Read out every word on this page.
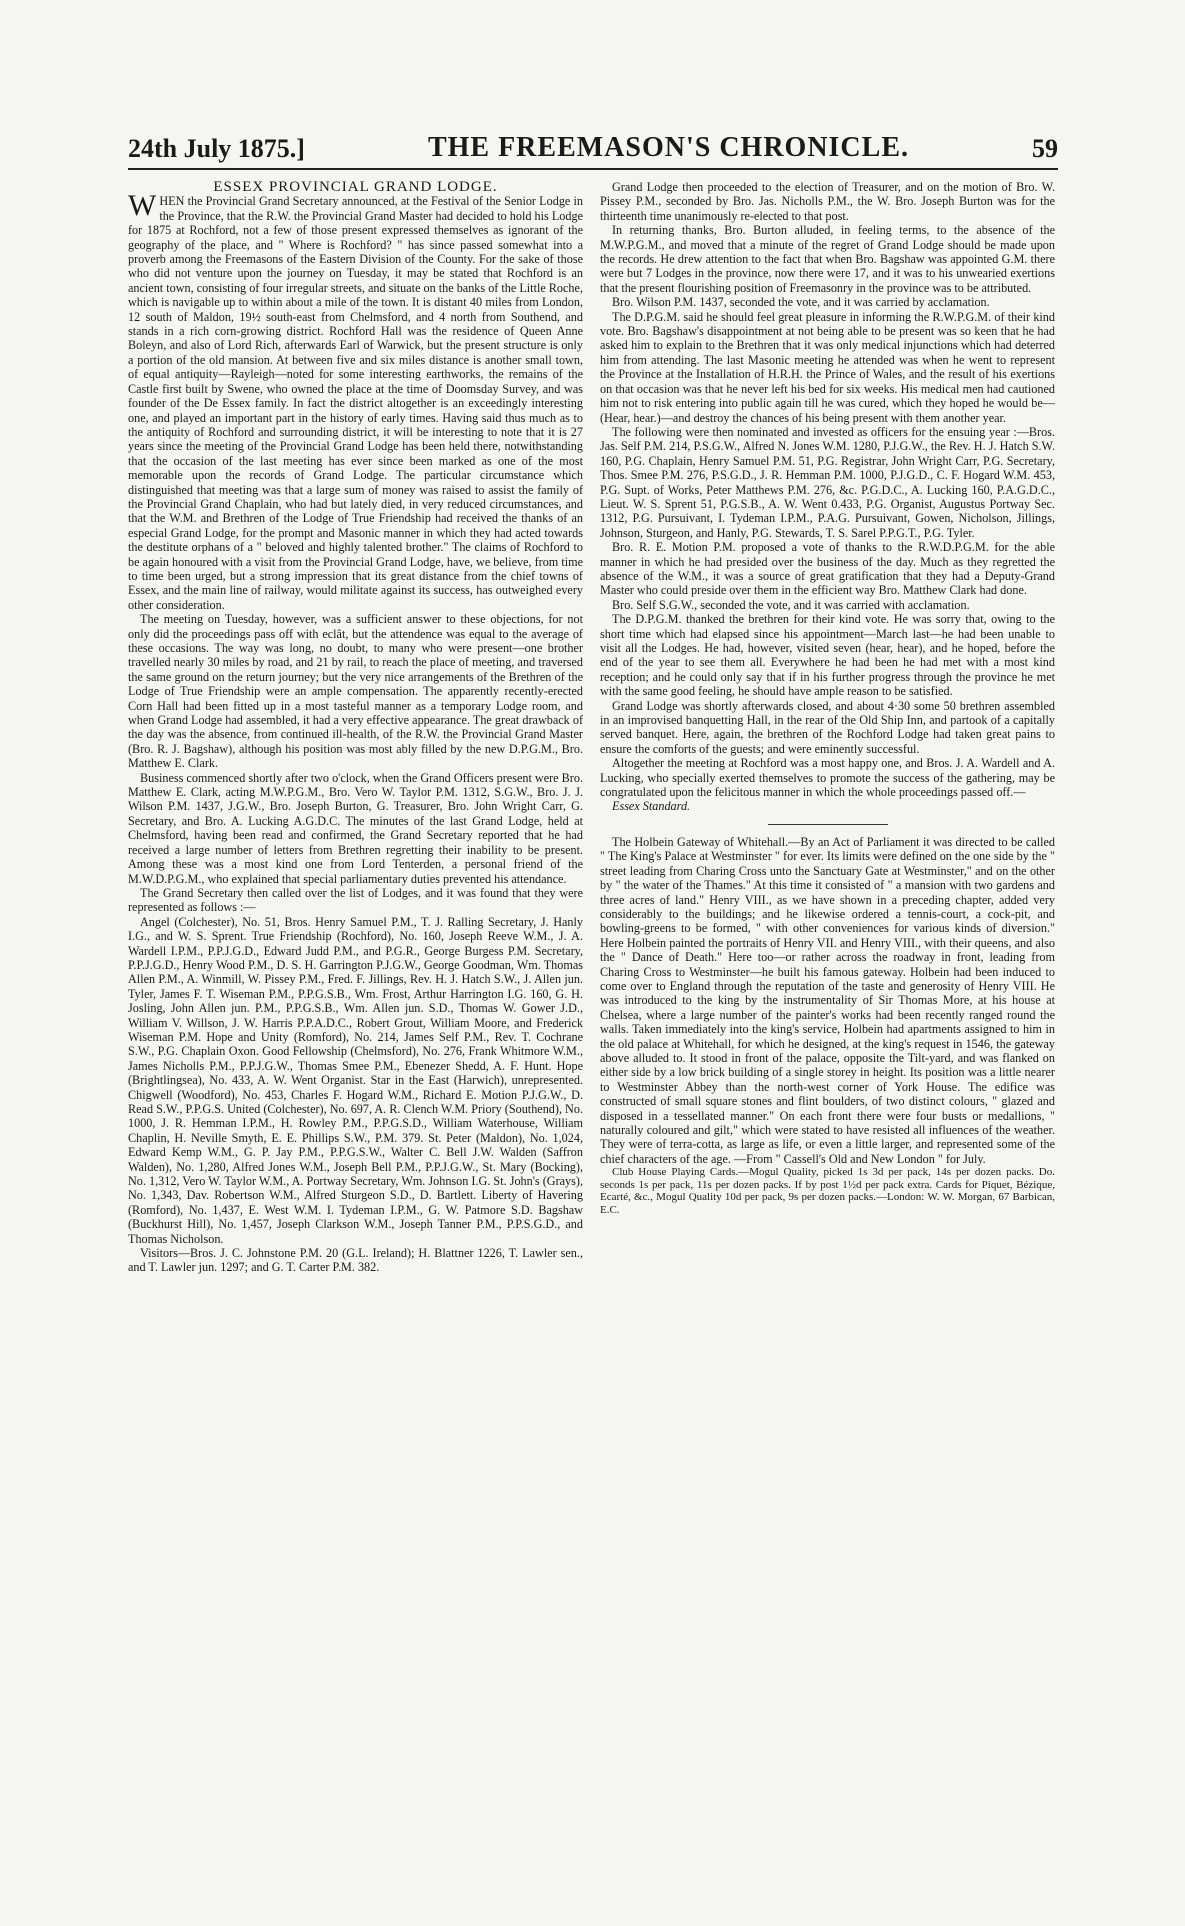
24th July 1875.]	THE FREEMASON'S CHRONICLE.	59

ESSEX PROVINCIAL GRAND LODGE.

WHEN the Provincial Grand Secretary announced, at the Festival of the Senior Lodge in the Province, that the R.W. the Provincial Grand Master had decided to hold his Lodge for 1875 at Rochford, not a few of those present expressed themselves as ignorant of the geography of the place, and " Where is Rochford? " has since passed somewhat into a proverb among the Freemasons of the Eastern Division of the County. For the sake of those who did not venture upon the journey on Tuesday, it may be stated that Rochford is an ancient town, consisting of four irregular streets, and situate on the banks of the Little Roche, which is navigable up to within about a mile of the town. It is distant 40 miles from London, 12 south of Maldon, 19½ south-east from Chelmsford, and 4 north from Southend, and stands in a rich corn-growing district. Rochford Hall was the residence of Queen Anne Boleyn, and also of Lord Rich, afterwards Earl of Warwick, but the present structure is only a portion of the old mansion. At between five and six miles distance is another small town, of equal antiquity—Rayleigh—noted for some interesting earthworks, the remains of the Castle first built by Swene, who owned the place at the time of Doomsday Survey, and was founder of the De Essex family. In fact the district altogether is an exceedingly interesting one, and played an important part in the history of early times. Having said thus much as to the antiquity of Rochford and surrounding district, it will be interesting to note that it is 27 years since the meeting of the Provincial Grand Lodge has been held there, notwithstanding that the occasion of the last meeting has ever since been marked as one of the most memorable upon the records of Grand Lodge. The particular circumstance which distinguished that meeting was that a large sum of money was raised to assist the family of the Provincial Grand Chaplain, who had but lately died, in very reduced circumstances, and that the W.M. and Brethren of the Lodge of True Friendship had received the thanks of an especial Grand Lodge, for the prompt and Masonic manner in which they had acted towards the destitute orphans of a " beloved and highly talented brother." The claims of Rochford to be again honoured with a visit from the Provincial Grand Lodge, have, we believe, from time to time been urged, but a strong impression that its great distance from the chief towns of Essex, and the main line of railway, would militate against its success, has outweighed every other consideration.

The meeting on Tuesday, however, was a sufficient answer to these objections, for not only did the proceedings pass off with eclât, but the attendence was equal to the average of these occasions. The way was long, no doubt, to many who were present—one brother travelled nearly 30 miles by road, and 21 by rail, to reach the place of meeting, and traversed the same ground on the return journey; but the very nice arrangements of the Brethren of the Lodge of True Friendship were an ample compensation. The apparently recently-erected Corn Hall had been fitted up in a most tasteful manner as a temporary Lodge room, and when Grand Lodge had assembled, it had a very effective appearance. The great drawback of the day was the absence, from continued ill-health, of the R.W. the Provincial Grand Master (Bro. R. J. Bagshaw), although his position was most ably filled by the new D.P.G.M., Bro. Matthew E. Clark.

Business commenced shortly after two o'clock, when the Grand Officers present were Bro. Matthew E. Clark, acting M.W.P.G.M., Bro. Vero W. Taylor P.M. 1312, S.G.W., Bro. J. J. Wilson P.M. 1437, J.G.W., Bro. Joseph Burton, G. Treasurer, Bro. John Wright Carr, G. Secretary, and Bro. A. Lucking A.G.D.C. The minutes of the last Grand Lodge, held at Chelmsford, having been read and confirmed, the Grand Secretary reported that he had received a large number of letters from Brethren regretting their inability to be present. Among these was a most kind one from Lord Tenterden, a personal friend of the M.W.D.P.G.M., who explained that special parliamentary duties prevented his attendance.

The Grand Secretary then called over the list of Lodges, and it was found that they were represented as follows :—

Angel (Colchester), No. 51, Bros. Henry Samuel P.M., T. J. Ralling Secretary, J. Hanly I.G., and W. S. Sprent. True Friendship (Rochford), No. 160, Joseph Reeve W.M., J. A. Wardell I.P.M., P.P.J.G.D., Edward Judd P.M., and P.G.R., George Burgess P.M. Secretary, P.P.J.G.D., Henry Wood P.M., D. S. H. Garrington P.J.G.W., George Goodman, Wm. Thomas Allen P.M., A. Winmill, W. Pissey P.M., Fred. F. Jillings, Rev. H. J. Hatch S.W., J. Allen jun. Tyler, James F. T. Wiseman P.M., P.P.G.S.B., Wm. Frost, Arthur Harrington I.G. 160, G. H. Josling, John Allen jun. P.M., P.P.G.S.B., Wm. Allen jun. S.D., Thomas W. Gower J.D., William V. Willson, J. W. Harris P.P.A.D.C., Robert Grout, William Moore, and Frederick Wiseman P.M. Hope and Unity (Romford), No. 214, James Self P.M., Rev. T. Cochrane S.W., P.G. Chaplain Oxon. Good Fellowship (Chelmsford), No. 276, Frank Whitmore W.M., James Nicholls P.M., P.P.J.G.W., Thomas Smee P.M., Ebenezer Shedd, A. F. Hunt. Hope (Brightlingsea), No. 433, A. W. Went Organist. Star in the East (Harwich), unrepresented. Chigwell (Woodford), No. 453, Charles F. Hogard W.M., Richard E. Motion P.J.G.W., D. Read S.W., P.P.G.S. United (Colchester), No. 697, A. R. Clench W.M. Priory (Southend), No. 1000, J. R. Hemman I.P.M., H. Rowley P.M., P.P.G.S.D., William Waterhouse, William Chaplin, H. Neville Smyth, E. E. Phillips S.W., P.M. 379. St. Peter (Maldon), No. 1,024, Edward Kemp W.M., G. P. Jay P.M., P.P.G.S.W., Walter C. Bell J.W. Walden (Saffron Walden), No. 1,280, Alfred Jones W.M., Joseph Bell P.M., P.P.J.G.W., St. Mary (Bocking), No. 1,312, Vero W. Taylor W.M., A. Portway Secretary, Wm. Johnson I.G. St. John's (Grays), No. 1,343, Dav. Robertson W.M., Alfred Sturgeon S.D., D. Bartlett. Liberty of Havering (Romford), No. 1,437, E. West W.M. I. Tydeman I.P.M., G. W. Patmore S.D. Bagshaw (Buckhurst Hill), No. 1,457, Joseph Clarkson W.M., Joseph Tanner P.M., P.P.S.G.D., and Thomas Nicholson.

Visitors—Bros. J. C. Johnstone P.M. 20 (G.L. Ireland); H. Blattner 1226, T. Lawler sen., and T. Lawler jun. 1297; and G. T. Carter P.M. 382.

Grand Lodge then proceeded to the election of Treasurer, and on the motion of Bro. W. Pissey P.M., seconded by Bro. Jas. Nicholls P.M., the W. Bro. Joseph Burton was for the thirteenth time unanimously re-elected to that post.

In returning thanks, Bro. Burton alluded, in feeling terms, to the absence of the M.W.P.G.M., and moved that a minute of the regret of Grand Lodge should be made upon the records. He drew attention to the fact that when Bro. Bagshaw was appointed G.M. there were but 7 Lodges in the province, now there were 17, and it was to his unwearied exertions that the present flourishing position of Freemasonry in the province was to be attributed.

Bro. Wilson P.M. 1437, seconded the vote, and it was carried by acclamation.

The D.P.G.M. said he should feel great pleasure in informing the R.W.P.G.M. of their kind vote. Bro. Bagshaw's disappointment at not being able to be present was so keen that he had asked him to explain to the Brethren that it was only medical injunctions which had deterred him from attending. The last Masonic meeting he attended was when he went to represent the Province at the Installation of H.R.H. the Prince of Wales, and the result of his exertions on that occasion was that he never left his bed for six weeks. His medical men had cautioned him not to risk entering into public again till he was cured, which they hoped he would be—(Hear, hear.)—and destroy the chances of his being present with them another year.

The following were then nominated and invested as officers for the ensuing year :—Bros. Jas. Self P.M. 214, P.S.G.W., Alfred N. Jones W.M. 1280, P.J.G.W., the Rev. H. J. Hatch S.W. 160, P.G. Chaplain, Henry Samuel P.M. 51, P.G. Registrar, John Wright Carr, P.G. Secretary, Thos. Smee P.M. 276, P.S.G.D., J. R. Hemman P.M. 1000, P.J.G.D., C. F. Hogard W.M. 453, P.G. Supt. of Works, Peter Matthews P.M. 276, &c. P.G.D.C., A. Lucking 160, P.A.G.D.C., Lieut. W. S. Sprent 51, P.G.S.B., A. W. Went 0.433, P.G. Organist, Augustus Portway Sec. 1312, P.G. Pursuivant, I. Tydeman I.P.M., P.A.G. Pursuivant, Gowen, Nicholson, Jillings, Johnson, Sturgeon, and Hanly, P.G. Stewards, T. S. Sarel P.P.G.T., P.G. Tyler.

Bro. R. E. Motion P.M. proposed a vote of thanks to the R.W.D.P.G.M. for the able manner in which he had presided over the business of the day. Much as they regretted the absence of the W.M., it was a source of great gratification that they had a Deputy-Grand Master who could preside over them in the efficient way Bro. Matthew Clark had done.

Bro. Self S.G.W., seconded the vote, and it was carried with acclamation.

The D.P.G.M. thanked the brethren for their kind vote. He was sorry that, owing to the short time which had elapsed since his appointment—March last—he had been unable to visit all the Lodges. He had, however, visited seven (hear, hear), and he hoped, before the end of the year to see them all. Everywhere he had been he had met with a most kind reception; and he could only say that if in his further progress through the province he met with the same good feeling, he should have ample reason to be satisfied.

Grand Lodge was shortly afterwards closed, and about 4·30 some 50 brethren assembled in an improvised banquetting Hall, in the rear of the Old Ship Inn, and partook of a capitally served banquet. Here, again, the brethren of the Rochford Lodge had taken great pains to ensure the comforts of the guests; and were eminently successful.

Altogether the meeting at Rochford was a most happy one, and Bros. J. A. Wardell and A. Lucking, who specially exerted themselves to promote the success of the gathering, may be congratulated upon the felicitous manner in which the whole proceedings passed off.—

Essex Standard.

The Holbein Gateway of Whitehall.—By an Act of Parliament it was directed to be called " The King's Palace at Westminster " for ever. Its limits were defined on the one side by the " street leading from Charing Cross unto the Sanctuary Gate at Westminster," and on the other by " the water of the Thames." At this time it consisted of " a mansion with two gardens and three acres of land." Henry VIII., as we have shown in a preceding chapter, added very considerably to the buildings; and he likewise ordered a tennis-court, a cock-pit, and bowling-greens to be formed, " with other conveniences for various kinds of diversion." Here Holbein painted the portraits of Henry VII. and Henry VIII., with their queens, and also the " Dance of Death." Here too—or rather across the roadway in front, leading from Charing Cross to Westminster—he built his famous gateway. Holbein had been induced to come over to England through the reputation of the taste and generosity of Henry VIII. He was introduced to the king by the instrumentality of Sir Thomas More, at his house at Chelsea, where a large number of the painter's works had been recently ranged round the walls. Taken immediately into the king's service, Holbein had apartments assigned to him in the old palace at Whitehall, for which he designed, at the king's request in 1546, the gateway above alluded to. It stood in front of the palace, opposite the Tilt-yard, and was flanked on either side by a low brick building of a single storey in height. Its position was a little nearer to Westminster Abbey than the north-west corner of York House. The edifice was constructed of small square stones and flint boulders, of two distinct colours, " glazed and disposed in a tessellated manner." On each front there were four busts or medallions, " naturally coloured and gilt," which were stated to have resisted all influences of the weather. They were of terra-cotta, as large as life, or even a little larger, and represented some of the chief characters of the age. —From " Cassell's Old and New London " for July.

Club House Playing Cards.—Mogul Quality, picked 1s 3d per pack, 14s per dozen packs. Do. seconds 1s per pack, 11s per dozen packs. If by post 1½d per pack extra. Cards for Piquet, Bézique, Ecarté, &c., Mogul Quality 10d per pack, 9s per dozen packs.—London: W. W. Morgan, 67 Barbican, E.C.
